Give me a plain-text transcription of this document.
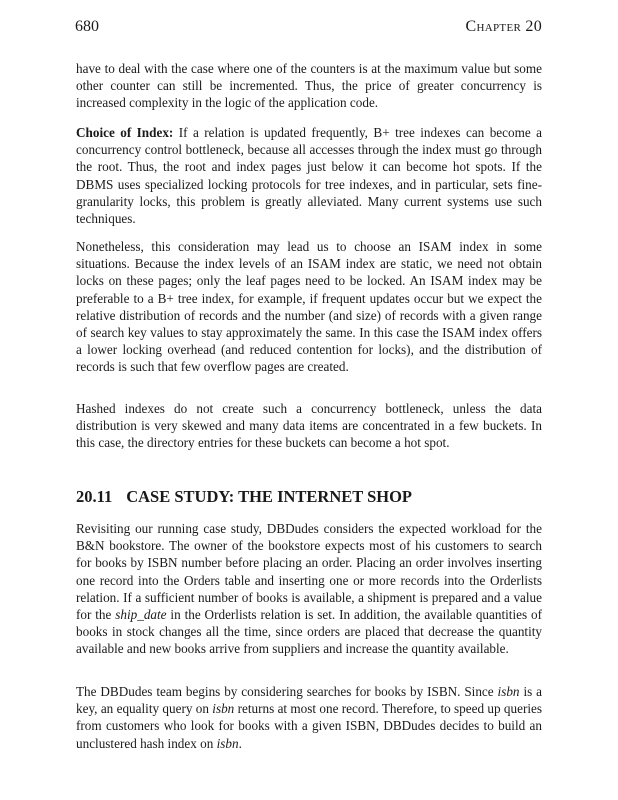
680	Chapter 20

have to deal with the case where one of the counters is at the maximum value but some other counter can still be incremented. Thus, the price of greater concurrency is increased complexity in the logic of the application code.

Choice of Index: If a relation is updated frequently, B+ tree indexes can become a concurrency control bottleneck, because all accesses through the index must go through the root. Thus, the root and index pages just below it can become hot spots. If the DBMS uses specialized locking protocols for tree indexes, and in particular, sets fine-granularity locks, this problem is greatly alleviated. Many current systems use such techniques.

Nonetheless, this consideration may lead us to choose an ISAM index in some situations. Because the index levels of an ISAM index are static, we need not obtain locks on these pages; only the leaf pages need to be locked. An ISAM index may be preferable to a B+ tree index, for example, if frequent updates occur but we expect the relative distribution of records and the number (and size) of records with a given range of search key values to stay approximately the same. In this case the ISAM index offers a lower locking overhead (and reduced contention for locks), and the distribution of records is such that few overflow pages are created.

Hashed indexes do not create such a concurrency bottleneck, unless the data distribution is very skewed and many data items are concentrated in a few buckets. In this case, the directory entries for these buckets can become a hot spot.

20.11 CASE STUDY: THE INTERNET SHOP

Revisiting our running case study, DBDudes considers the expected workload for the B&N bookstore. The owner of the bookstore expects most of his customers to search for books by ISBN number before placing an order. Placing an order involves inserting one record into the Orders table and inserting one or more records into the Orderlists relation. If a sufficient number of books is available, a shipment is prepared and a value for the ship_date in the Orderlists relation is set. In addition, the available quantities of books in stock changes all the time, since orders are placed that decrease the quantity available and new books arrive from suppliers and increase the quantity available.

The DBDudes team begins by considering searches for books by ISBN. Since isbn is a key, an equality query on isbn returns at most one record. Therefore, to speed up queries from customers who look for books with a given ISBN, DBDudes decides to build an unclustered hash index on isbn.
